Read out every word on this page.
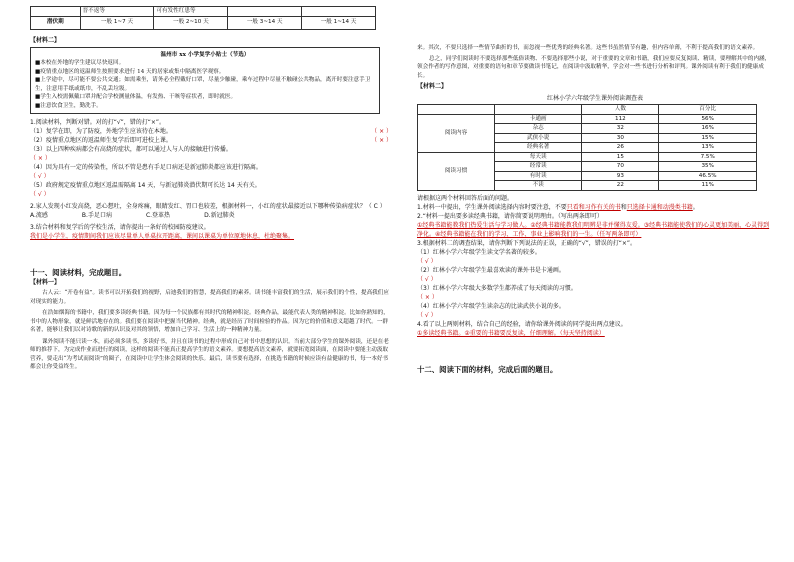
	晋不返等	可有发性红患等		
潜伏期	一般 1~7 天	一般 2~10 天	一般 3~14 天	一般 1~14 天
【材料二】
温州市 xx 小学复学小贴士（节选）
■本校在外地的学生建议尽快返回。
■疫情重点地区的返温师生按照要求进行 14 天的居家或集中隔离医学观察。
■上学途中，尽可能不要公共交通；如需乘坐，请务必全程戴好口罩，尽量少触碰，乘车过程中尽量不触碰公共物品，离开时要注意手卫生，注意用手纸或纸巾，不乱丢垃圾。
■学生入校需佩戴口罩并配合学校测量体温，有发热、干咳等症状者，即时就医。
■注意饮食卫生，勤洗手。

1.阅读材料，判断对错。对的打“√”，错的打“×”。

（1）复学在即，为了防疫，外地学生应该待在本地。	（ × ）
（2）疫情重点地区的返温师生复学后即可进校上课。	（ × ）

（3）以上四种疾病都会有高烧的症状，都可以通过人与人的接触进行传播。

（ × ）

（4）因为具有一定的传染性，所以不管是患有手足口病还是新冠肺炎都应该进行隔离。

（ √ ）

（5）政府规定疫情重点地区返温需隔离 14 天，与新冠肺炎潜伏期可长达 14 天有关。

（ √ ）

2.家人发现小红发高烧，恶心想吐，全身疼痛，眼睛发红、胃口也较差，根据材料一，小红的症状最接近以下哪种传染病症状？（ C ）

A.流感	B.手足口病	C.登革热	D.新冠肺炎

3.结合材料和复学后的学校生活，请你提出一条好的校园防疫建议。

我们是小学生，疫情期间我们应该尽量单人单桌拉开距离，课间以课桌为单位原地休息，杜绝聚集。

十一、阅读材料，完成题目。
【材料一】

古人云：“开卷有益”。读书可以开拓我们的视野，启迪我们的智慧，提高我们的素养。读书能丰富我们的生活，展示我们的个性，提高我们应对现实的能力。

在浩如烟海的书籍中，我们要多读经典书籍。因为每一个民族都有其时代的精神积淀。经典作品，最能代表人类的精神积淀。比如你熟知的，书中的人物形象，就是鲜活地存在的。我们要在阅读中把握当代精神。经典，就是经历了时间检验的作品。因为它的价值和意义超越了时代。一群名著，能够让我们以对诗歌的新的认识及对其的领悟，增加自己学习、生活上的一种精神力量。

课外阅读不能只读一本，而必须多读书，多读好书，并且在读书的过程中形成自己对书中思想的认识。当前大部分学生的课外阅读，还是在老师的推荐下，为完成作业而进行的阅读，这样的阅读不能真正提高学生的语文素养。要想提高语文素养，就要拓宽阅读面，在阅读中要能主动汲取营养，要走出“为考试而阅读”的圈子，在阅读中让学生体会阅读的快乐。最后，读书要有选择，在挑选书籍的时候应读有益健康的书，每一本好书都会让你受益终生。

来。其次，不要只选择一些情节曲折的书，而忽视一些优秀的经典名著。这些书虽然情节有趣，但内容单薄，不利于提高我们的语文素养。

总之，同学们阅读时不要选择那些低俗读物、不要选择那些小说，对于重要的文章和书籍，我们应要反复阅读、精读，要理解其中的内涵，领会作者的写作意图，对重要的语句和章节要做读书笔记，在阅读中汲取精华，学会对一些书进行分析和评判。课外阅读有利于我们的健康成长。

【材料二】
红林小学六年级学生课外阅读调查表
		人数	百分比
阅读内容	卡通画	112	56%
	杂志	32	16%
	武侠小说	30	15%
	经典名著	26	13%
阅读习惯	每天读	15	7.5%
	经常读	70	35%
	有时读	93	46.5%
	不读	22	11%

请根据这两个材料回答后面的问题。

1.材料一中提出，学生课外阅读选择内容时要注意，不要只看和习作有关的书和只选择卡通和动漫类书籍。

2.“材料一提出要多读经典书籍，请你简要说明理由。（写出两条即可）

①经典书籍能教我们热爱生活与学习做人。②经典书籍能教我们明辨是非并懂得友爱。③经典书籍能使我们的心灵更加美丽，心灵得到净化。④经典书籍能在我们的学习、工作、事业上影响我们的一生。（任写两条即可）

3.根据材料二的调查结果，请你判断下列说法的正误，正确的“√”，错误的打“×”。

（1）红林小学六年级学生读文学名著的较多。

（ √ ）

（2）红林小学六年级学生最喜欢读的课外书是卡通画。

（ √ ）

（3）红林小学六年级大多数学生都养成了每天阅读的习惯。

（ × ）

（4）红林小学六年级学生读杂志的比读武侠小说的多。

（ √ ）

4.看了以上两则材料，结合自己的经验，请你给课外阅读的同学提出两点建议。

①多读经典书籍。②重要的书籍要反复读，仔细理解。（每天坚持阅读）

十二、阅读下面的材料，完成后面的题目。
